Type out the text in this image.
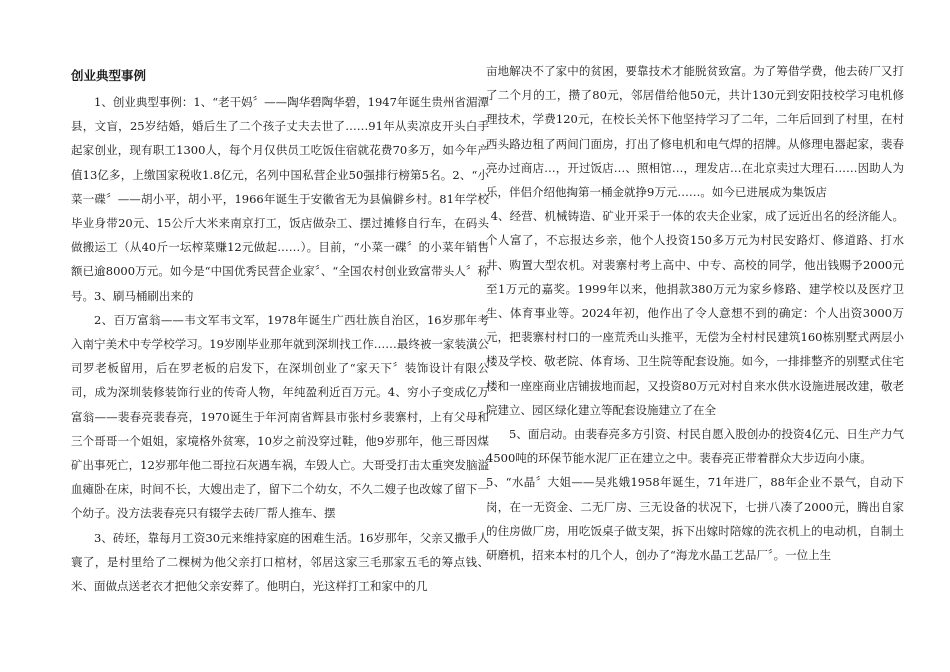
创业典型事例

1、创业典型事例：1、“老干妈〞——陶华碧陶华碧，1947年诞生贵州省湄潭县，文盲，25岁结婚，婚后生了二个孩子丈夫去世了……91年从卖凉皮开头白手起家创业，现有职工1300人，每个月仅供员工吃饭住宿就花费70多万，如今年产值13亿多，上缴国家税收1.8亿元，名列中国私营企业50强排行榜第5名。2、“小菜一碟〞——胡小平，胡小平，1966年诞生于安徽省无为县偏僻乡村。81年学校毕业身带20元、15公斤大米来南京打工，饭店做杂工、摆过摊修自行车，在码头做搬运工（从40斤一坛榨菜赚12元做起……）。目前，“小菜一碟〞的小菜年销售额已逾8000万元。如今是“中国优秀民营企业家〞、“全国农村创业致富带头人〞称号。3、刷马桶刷出来的

2、百万富翁——韦文军韦文军，1978年诞生广西壮族自治区，16岁那年考入南宁美术中专学校学习。19岁刚毕业那年就到深圳找工作……最终被一家装潢公司罗老板留用，后在罗老板的启发下，在深圳创业了“家天下〞装饰设计有限公司，成为深圳装修装饰行业的传奇人物，年纯盈利近百万元。4、穷小子变成亿万富翁——裴春亮裴春亮，1970诞生于年河南省辉县市张村乡裴寨村，上有父母和三个哥哥一个姐姐，家境格外贫寒，10岁之前没穿过鞋，他9岁那年，他三哥因煤矿出事死亡，12岁那年他二哥拉石灰遇车祸，车毁人亡。大哥受打击太重突发脑溢血瘫卧在床，时间不长，大嫂出走了，留下二个幼女，不久二嫂子也改嫁了留下一个幼子。没方法裴春亮只有辍学去砖厂帮人推车、摆

3、砖坯，靠每月工资30元来维持家庭的困难生活。16岁那年，父亲又撒手人寰了，是村里给了二棵树为他父亲打口棺材，邻居这家三毛那家五毛的筹点钱、米、面做点送老衣才把他父亲安葬了。他明白，光这样打工和家中的几

亩地解决不了家中的贫困，要靠技术才能脱贫致富。为了筹借学费，他去砖厂又打了二个月的工，攒了80元，邻居借给他50元，共计130元到安阳技校学习电机修理技术，学费120元，在校长关怀下他坚持学习了二年，二年后回到了村里，在村西头路边租了两间门面房，打出了修电机和电气焊的招牌。从修理电器起家，裴春亮办过商店…，开过饭店…、照相馆…，理发店…在北京卖过大理石……因助人为乐，伴侣介绍他掏第一桶金就挣9万元……。如今已进展成为集饭店

4、经营、机械铸造、矿业开采于一体的农夫企业家，成了远近出名的经济能人。个人富了，不忘报达乡亲，他个人投资150多万元为村民安路灯、修道路、打水井、购置大型农机。对裴寨村考上高中、中专、高校的同学，他出钱赐予2000元至1万元的嘉奖。1999年以来，他捐款380万元为家乡修路、建学校以及医疗卫生、体育事业等。2024年初，他作出了令人意想不到的确定：个人出资3000万元，把裴寨村村口的一座荒秃山头推平，无偿为全村村民建筑160栋别墅式两层小楼及学校、敬老院、体育场、卫生院等配套设施。如今，一排排整齐的别墅式住宅楼和一座座商业店铺拔地而起，又投资80万元对村自来水供水设施进展改建，敬老院建立、园区绿化建立等配套设施建立了在全

5、面启动。由裴春亮多方引资、村民自愿入股创办的投资4亿元、日生产力气4500吨的环保节能水泥厂正在建立之中。裴春亮正带着群众大步迈向小康。

5、“水晶〞大姐——吴兆娥1958年诞生，71年进厂，88年企业不景气，自动下岗，在一无资金、二无厂房、三无设备的状况下，七拼八凑了2000元，腾出自家的住房做厂房，用吃饭桌子做支架，拆下出嫁时陪嫁的洗衣机上的电动机，自制土研磨机，招来本村的几个人，创办了“海龙水晶工艺品厂〞。一位上生
